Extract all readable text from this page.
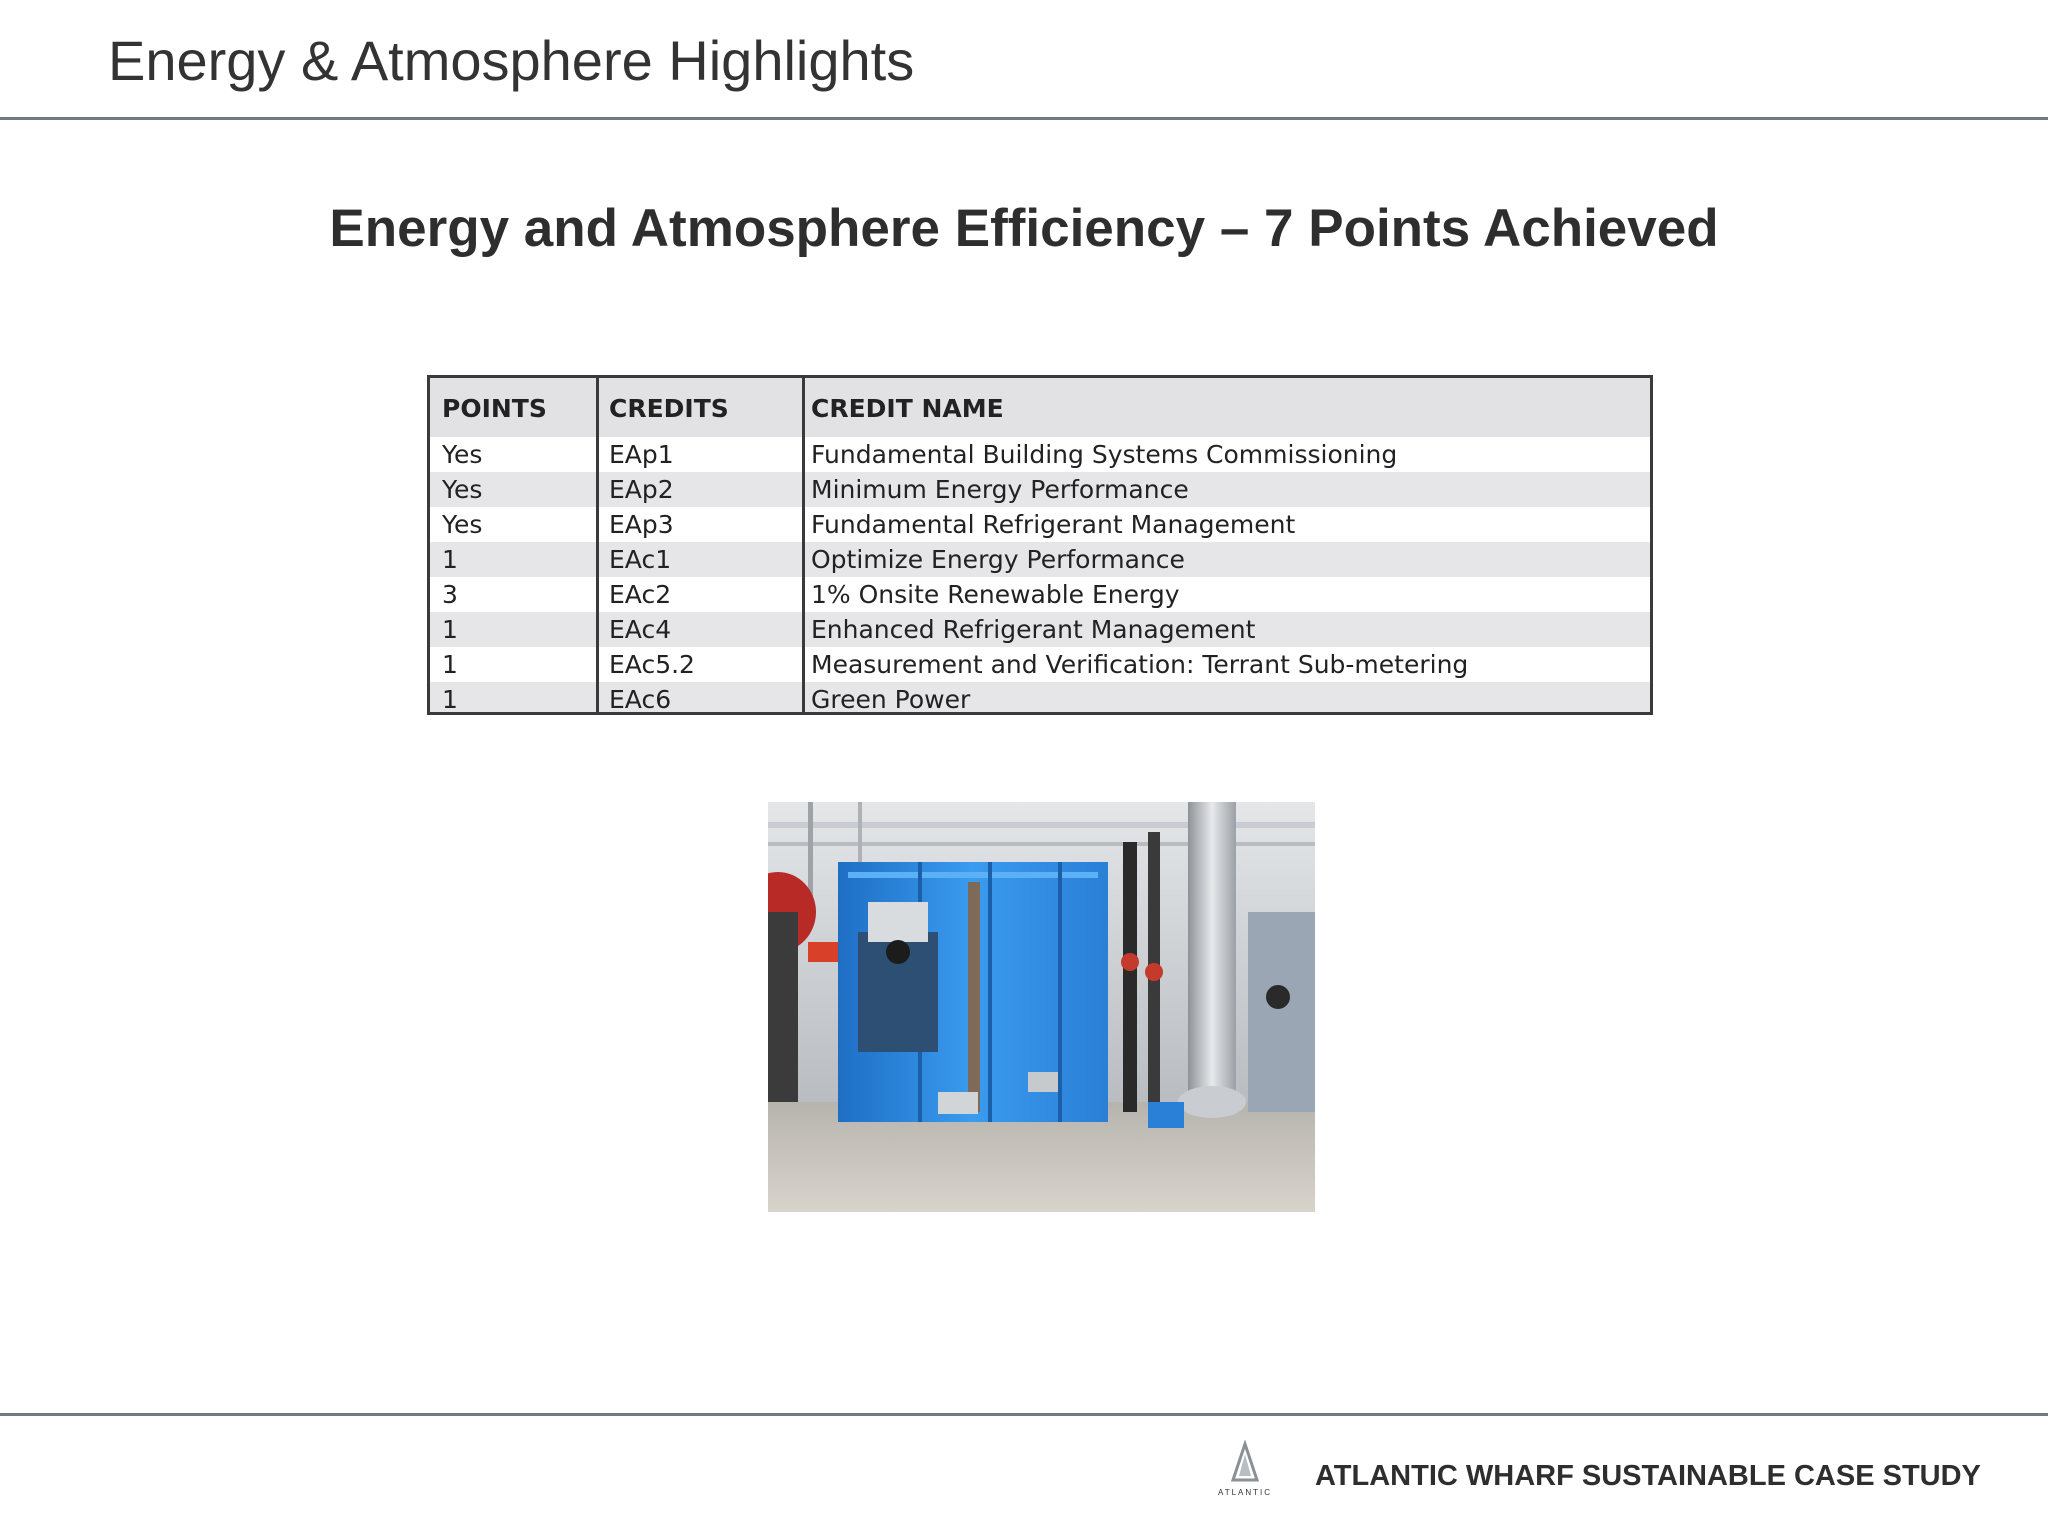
Energy & Atmosphere Highlights
Energy and Atmosphere Efficiency – 7 Points Achieved
POINTS	CREDITS	CREDIT NAME
Yes	EAp1	Fundamental Building Systems Commissioning
Yes	EAp2	Minimum Energy Performance
Yes	EAp3	Fundamental Refrigerant Management
1	EAc1	Optimize Energy Performance
3	EAc2	1% Onsite Renewable Energy
1	EAc4	Enhanced Refrigerant Management
1	EAc5.2	Measurement and Verification: Terrant Sub-metering
1	EAc6	Green Power
ATLANTIC
ATLANTIC WHARF SUSTAINABLE CASE STUDY
